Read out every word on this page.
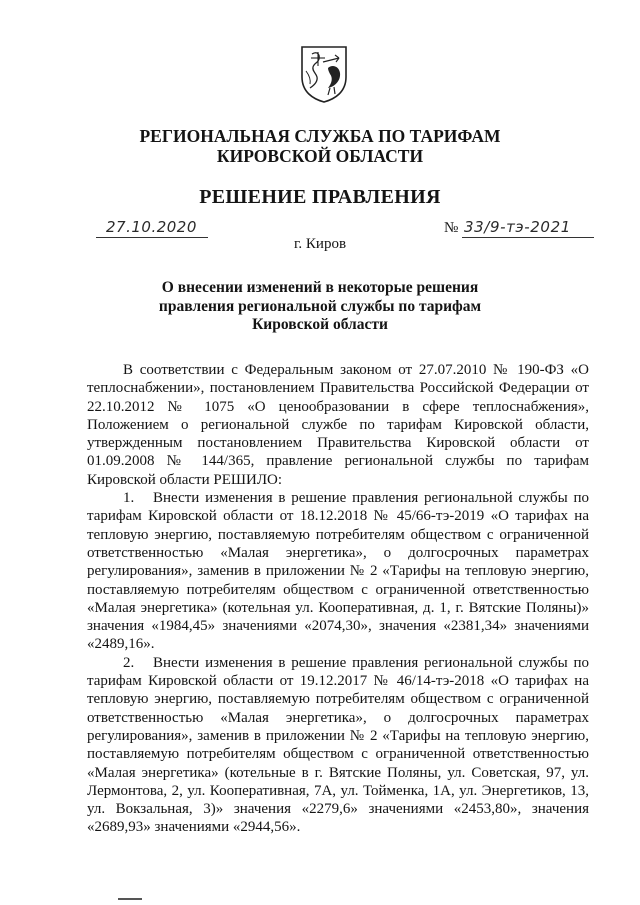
РЕГИОНАЛЬНАЯ СЛУЖБА ПО ТАРИФАМ
КИРОВСКОЙ ОБЛАСТИ
РЕШЕНИЕ ПРАВЛЕНИЯ
27.10.2020	№ 33/9-тэ-2021
г. Киров
О внесении изменений в некоторые решения
правления региональной службы по тарифам
Кировской области

В соответствии с Федеральным законом от 27.07.2010 № 190-ФЗ «О теплоснабжении», постановлением Правительства Российской Федерации от 22.10.2012 № 1075 «О ценообразовании в сфере теплоснабжения», Положением о региональной службе по тарифам Кировской области, утвержденным постановлением Правительства Кировской области от 01.09.2008 № 144/365, правление региональной службы по тарифам Кировской области РЕШИЛО:

1. Внести изменения в решение правления региональной службы по тарифам Кировской области от 18.12.2018 № 45/66-тэ-2019 «О тарифах на тепловую энергию, поставляемую потребителям обществом с ограниченной ответственностью «Малая энергетика», о долгосрочных параметрах регулирования», заменив в приложении № 2 «Тарифы на тепловую энергию, поставляемую потребителям обществом с ограниченной ответственностью «Малая энергетика» (котельная ул. Кооперативная, д. 1, г. Вятские Поляны)» значения «1984,45» значениями «2074,30», значения «2381,34» значениями «2489,16».

2. Внести изменения в решение правления региональной службы по тарифам Кировской области от 19.12.2017 № 46/14-тэ-2018 «О тарифах на тепловую энергию, поставляемую потребителям обществом с ограниченной ответственностью «Малая энергетика», о долгосрочных параметрах регулирования», заменив в приложении № 2 «Тарифы на тепловую энергию, поставляемую потребителям обществом с ограниченной ответственностью «Малая энергетика» (котельные в г. Вятские Поляны, ул. Советская, 97, ул. Лермонтова, 2, ул. Кооперативная, 7А, ул. Тойменка, 1А, ул. Энергетиков, 13, ул. Вокзальная, 3)» значения «2279,6» значениями «2453,80», значения «2689,93» значениями «2944,56».
